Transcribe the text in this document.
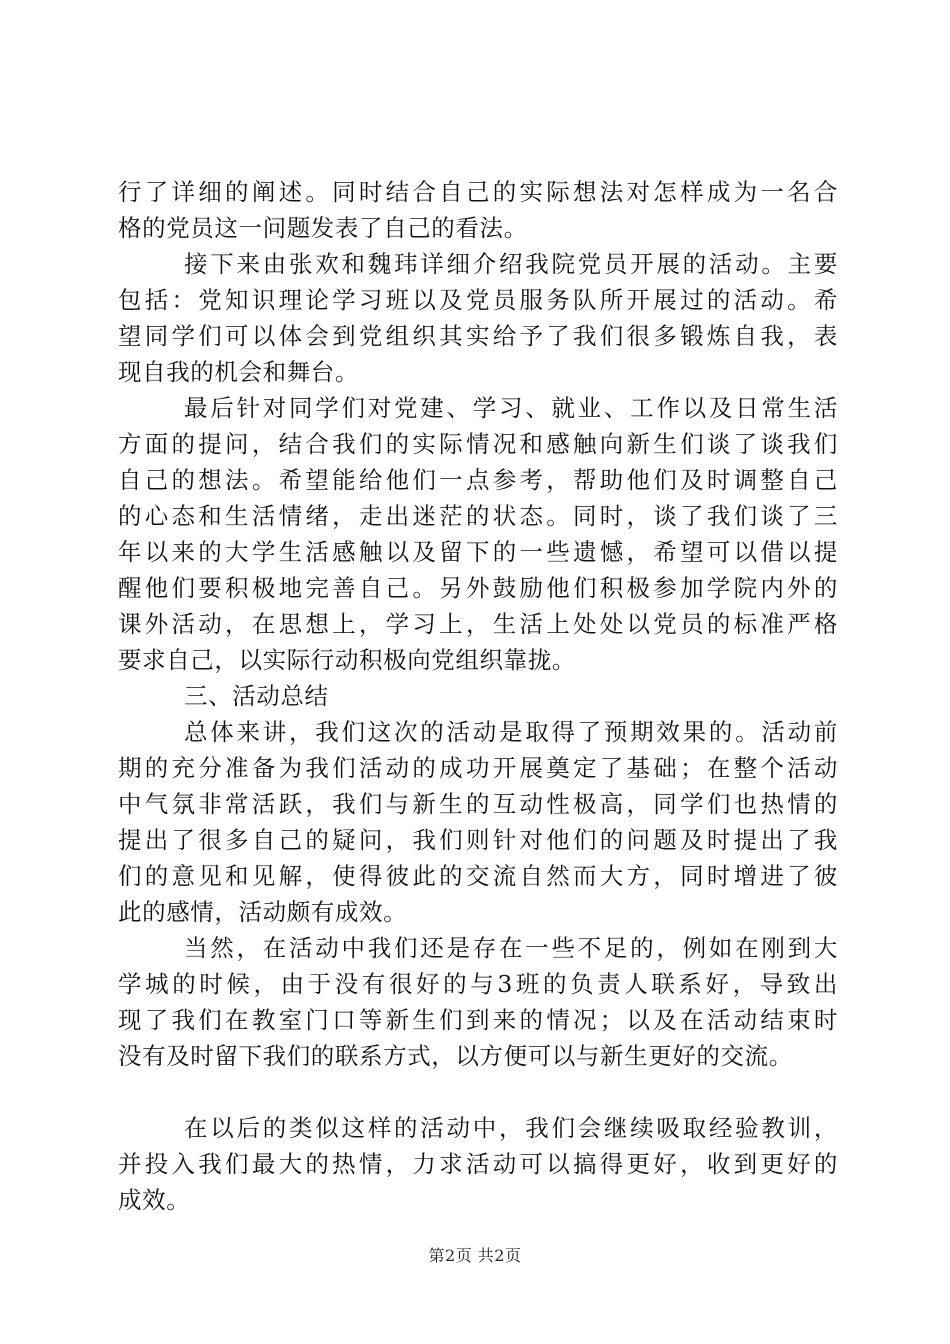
行了详细的阐述。同时结合自己的实际想法对怎样成为一名合
格的党员这一问题发表了自己的看法。
接下来由张欢和魏玮详细介绍我院党员开展的活动。主要
包括：党知识理论学习班以及党员服务队所开展过的活动。希
望同学们可以体会到党组织其实给予了我们很多锻炼自我，表
现自我的机会和舞台。
最后针对同学们对党建、学习、就业、工作以及日常生活
方面的提问，结合我们的实际情况和感触向新生们谈了谈我们
自己的想法。希望能给他们一点参考，帮助他们及时调整自己
的心态和生活情绪，走出迷茫的状态。同时，谈了我们谈了三
年以来的大学生活感触以及留下的一些遗憾，希望可以借以提
醒他们要积极地完善自己。另外鼓励他们积极参加学院内外的
课外活动，在思想上，学习上，生活上处处以党员的标准严格
要求自己，以实际行动积极向党组织靠拢。
三、活动总结
总体来讲，我们这次的活动是取得了预期效果的。活动前
期的充分准备为我们活动的成功开展奠定了基础；在整个活动
中气氛非常活跃，我们与新生的互动性极高，同学们也热情的
提出了很多自己的疑问，我们则针对他们的问题及时提出了我
们的意见和见解，使得彼此的交流自然而大方，同时增进了彼
此的感情，活动颇有成效。
当然，在活动中我们还是存在一些不足的，例如在刚到大
学城的时候，由于没有很好的与3班的负责人联系好，导致出
现了我们在教室门口等新生们到来的情况；以及在活动结束时
没有及时留下我们的联系方式，以方便可以与新生更好的交流。
在以后的类似这样的活动中，我们会继续吸取经验教训，
并投入我们最大的热情，力求活动可以搞得更好，收到更好的
成效。
第2页 共2页
